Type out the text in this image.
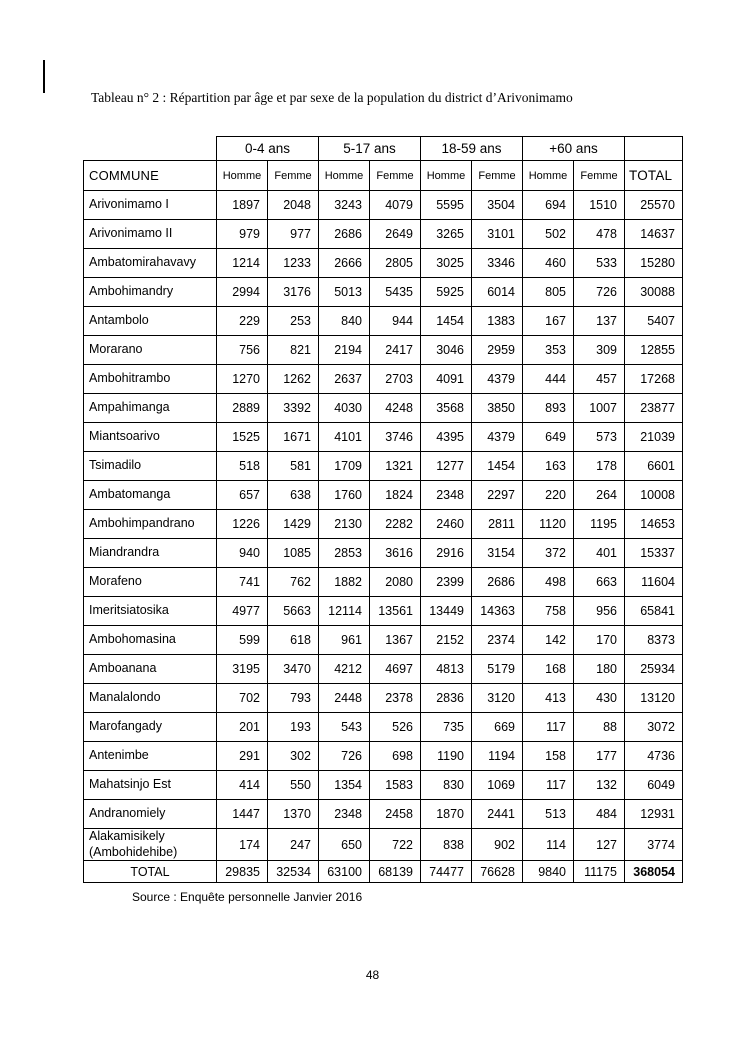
Tableau n° 2 : Répartition par âge et par sexe de la population du district d’Arivonimamo

	0-4 ans		5-17 ans		18-59 ans		+60 ans		
COMMUNE	Homme	Femme	Homme	Femme	Homme	Femme	Homme	Femme	TOTAL
Arivonimamo I	1897	2048	3243	4079	5595	3504	694	1510	25570
Arivonimamo II	979	977	2686	2649	3265	3101	502	478	14637
Ambatomirahavavy	1214	1233	2666	2805	3025	3346	460	533	15280
Ambohimandry	2994	3176	5013	5435	5925	6014	805	726	30088
Antambolo	229	253	840	944	1454	1383	167	137	5407
Morarano	756	821	2194	2417	3046	2959	353	309	12855
Ambohitrambo	1270	1262	2637	2703	4091	4379	444	457	17268
Ampahimanga	2889	3392	4030	4248	3568	3850	893	1007	23877
Miantsoarivo	1525	1671	4101	3746	4395	4379	649	573	21039
Tsimadilo	518	581	1709	1321	1277	1454	163	178	6601
Ambatomanga	657	638	1760	1824	2348	2297	220	264	10008
Ambohimpandrano	1226	1429	2130	2282	2460	2811	1120	1195	14653
Miandrandra	940	1085	2853	3616	2916	3154	372	401	15337
Morafeno	741	762	1882	2080	2399	2686	498	663	11604
Imeritsiatosika	4977	5663	12114	13561	13449	14363	758	956	65841
Ambohomasina	599	618	961	1367	2152	2374	142	170	8373
Amboanana	3195	3470	4212	4697	4813	5179	168	180	25934
Manalalondo	702	793	2448	2378	2836	3120	413	430	13120
Marofangady	201	193	543	526	735	669	117	88	3072
Antenimbe	291	302	726	698	1190	1194	158	177	4736
Mahatsinjo Est	414	550	1354	1583	830	1069	117	132	6049
Andranomiely	1447	1370	2348	2458	1870	2441	513	484	12931
Alakamisikely (Ambohidehibe)	174	247	650	722	838	902	114	127	3774
TOTAL	29835	32534	63100	68139	74477	76628	9840	11175	368054

Source : Enquête personnelle Janvier 2016

48
